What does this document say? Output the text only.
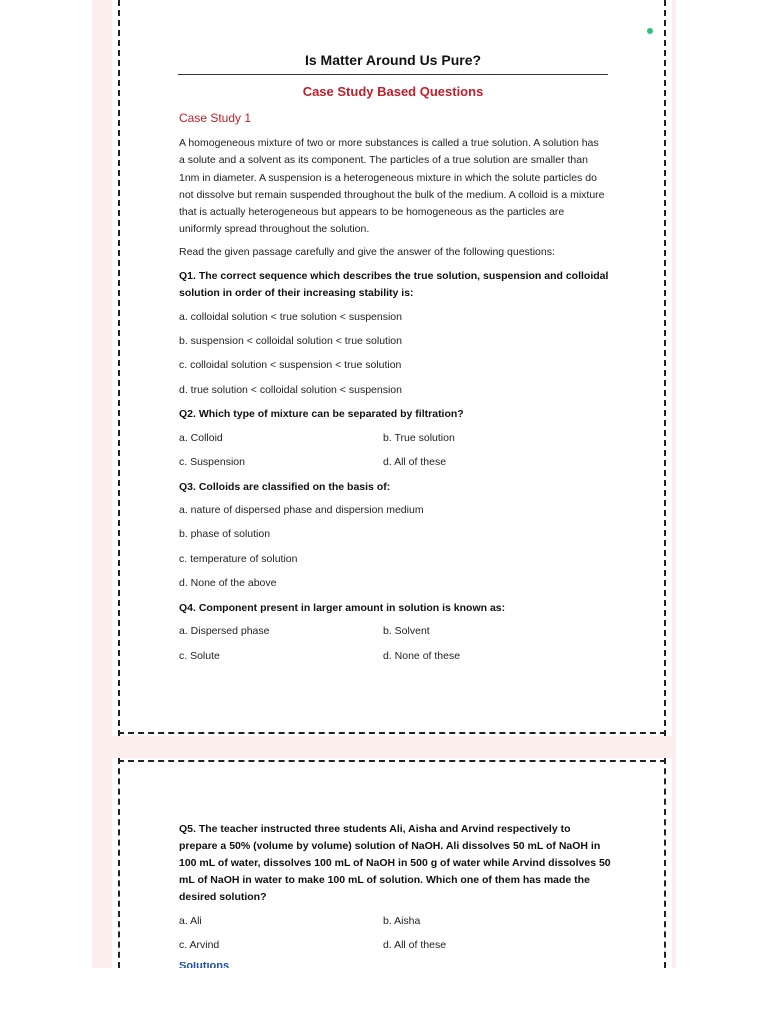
Is Matter Around Us Pure?
Case Study Based Questions
Case Study 1
A homogeneous mixture of two or more substances is called a true solution. A solution has a solute and a solvent as its component. The particles of a true solution are smaller than 1nm in diameter. A suspension is a heterogeneous mixture in which the solute particles do not dissolve but remain suspended throughout the bulk of the medium. A colloid is a mixture that is actually heterogeneous but appears to be homogeneous as the particles are uniformly spread throughout the solution.
Read the given passage carefully and give the answer of the following questions:
Q1. The correct sequence which describes the true solution, suspension and colloidal solution in order of their increasing stability is:
a. colloidal solution < true solution < suspension
b. suspension < colloidal solution < true solution
c. colloidal solution < suspension < true solution
d. true solution < colloidal solution < suspension
Q2. Which type of mixture can be separated by filtration?
a. Colloid	b. True solution
c. Suspension	d. All of these
Q3. Colloids are classified on the basis of:
a. nature of dispersed phase and dispersion medium
b. phase of solution
c. temperature of solution
d. None of the above
Q4. Component present in larger amount in solution is known as:
a. Dispersed phase	b. Solvent
c. Solute	d. None of these
Q5. The teacher instructed three students Ali, Aisha and Arvind respectively to prepare a 50% (volume by volume) solution of NaOH. Ali dissolves 50 mL of NaOH in 100 mL of water, dissolves 100 mL of NaOH in 500 g of water while Arvind dissolves 50 mL of NaOH in water to make 100 mL of solution. Which one of them has made the desired solution?
a. Ali	b. Aisha
c. Arvind	d. All of these
Solutions
